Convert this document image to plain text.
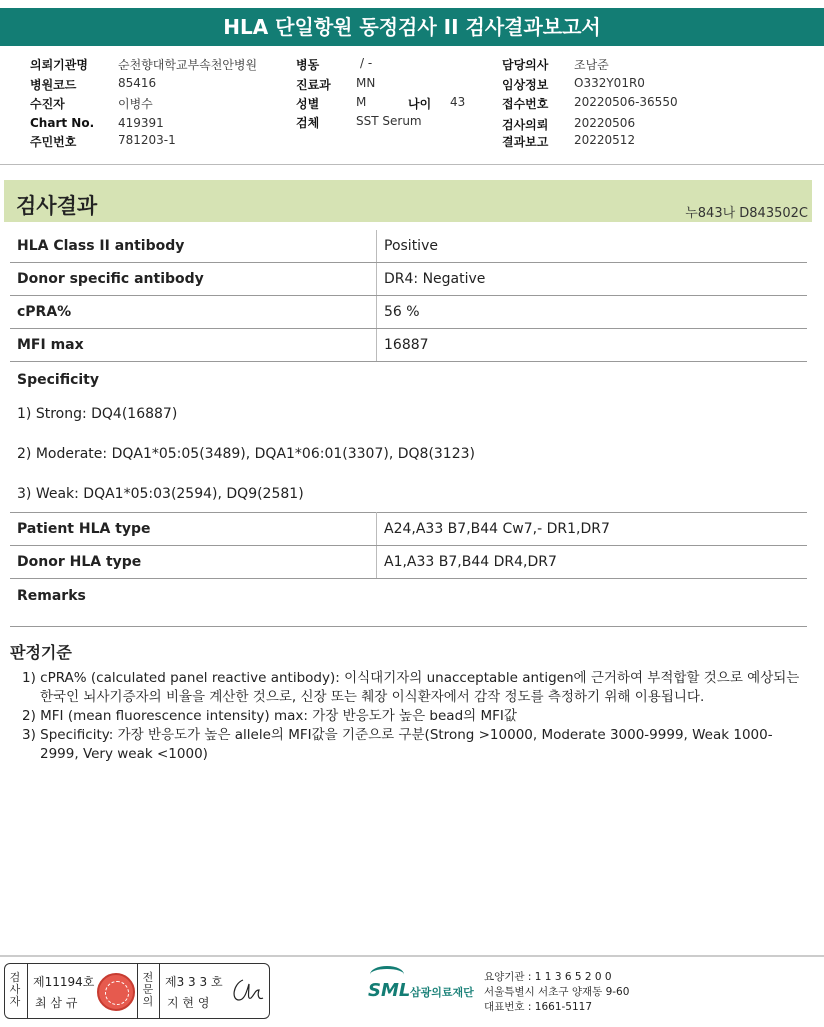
HLA 단일항원 동정검사 II 검사결과보고서
의뢰기관명	순천향대학교부속천안병원
병원코드	85416
수진자	이병수
Chart No. 419391
주민번호	781203-1
병동	/ -
진료과 MN
성별	M	나이 43
검체	SST Serum
담당의사 조남준
임상정보 O332Y01R0
접수번호 20220506-36550
검사의뢰 20220506
결과보고 20220512
검사결과	누843나 D843502C
HLA Class II antibody	Positive
Donor specific antibody	DR4: Negative
cPRA%	56 %
MFI max	16887
Specificity
1) Strong: DQ4(16887)
2) Moderate: DQA1*05:05(3489), DQA1*06:01(3307), DQ8(3123)
3) Weak: DQA1*05:03(2594), DQ9(2581)
Patient HLA type	A24,A33 B7,B44 Cw7,- DR1,DR7
Donor HLA type	A1,A33 B7,B44 DR4,DR7
Remarks
판정기준
1) cPRA% (calculated panel reactive antibody): 이식대기자의 unacceptable antigen에 근거하여 부적합할 것으로 예상되는 한국인 뇌사기증자의 비율을 계산한 것으로, 신장 또는 췌장 이식환자에서 감작 정도를 측정하기 위해 이용됩니다.
2) MFI (mean fluorescence intensity) max: 가장 반응도가 높은 bead의 MFI값
3) Specificity: 가장 반응도가 높은 allele의 MFI값을 기준으로 구분(Strong >10000, Moderate 3000-9999, Weak 1000-2999, Very weak <1000)
검사자
제11194호
최 삼 규
전문의
제3 3 3 호
지 현 영
SML 삼광의료재단
요양기관 : 1 1 3 6 5 2 0 0
서울특별시 서초구 양재동 9-60
대표번호 : 1661-5117
